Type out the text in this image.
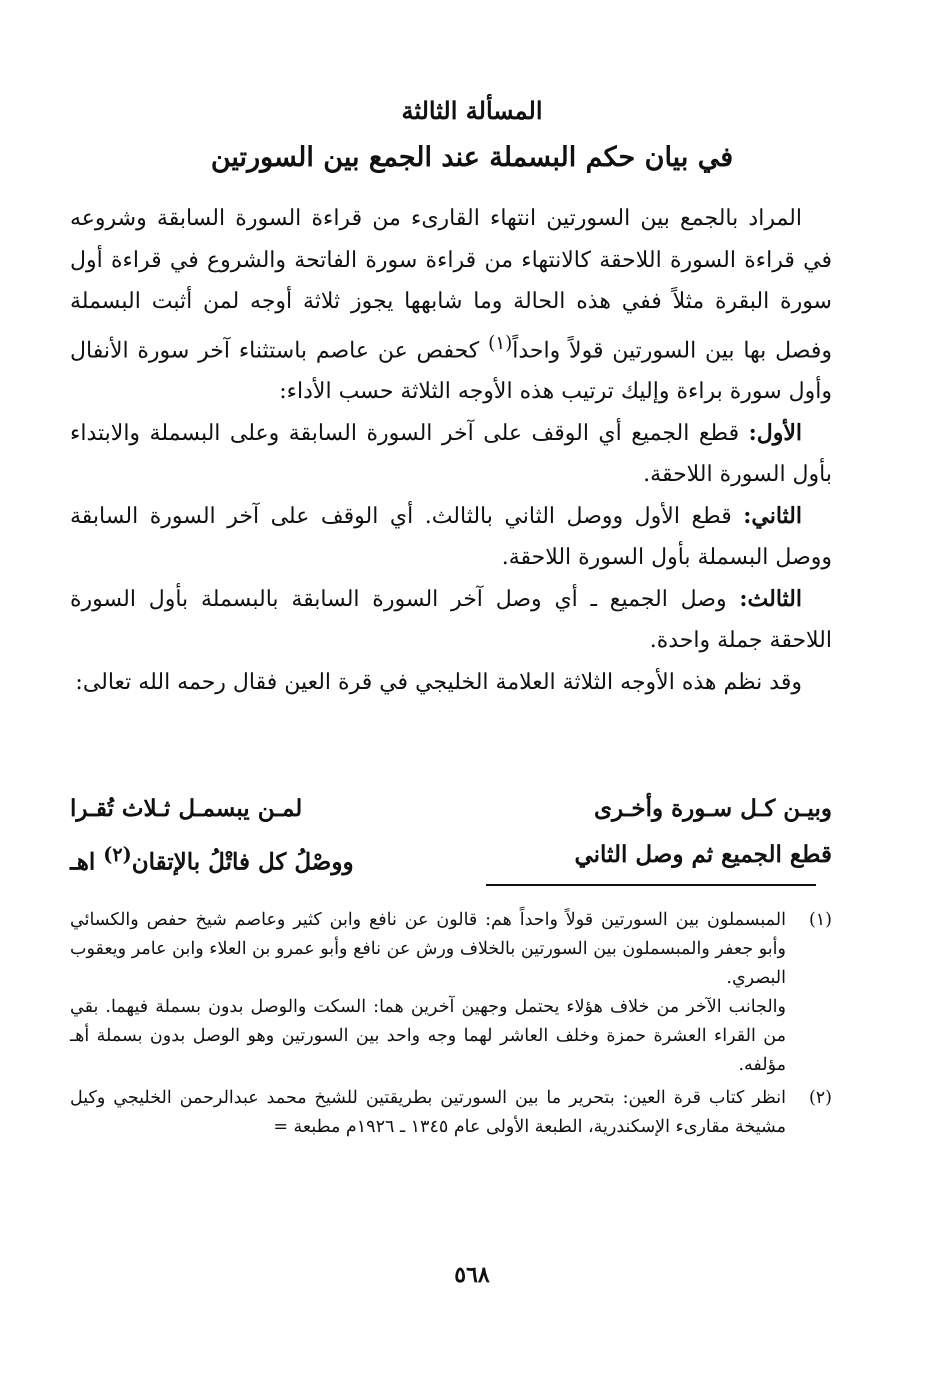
المسألة الثالثة
في بيان حكم البسملة عند الجمع بين السورتين

المراد بالجمع بين السورتين انتهاء القارىء من قراءة السورة السابقة وشروعه في قراءة السورة اللاحقة كالانتهاء من قراءة سورة الفاتحة والشروع في قراءة أول سورة البقرة مثلاً ففي هذه الحالة وما شابهها يجوز ثلاثة أوجه لمن أثبت البسملة وفصل بها بين السورتين قولاً واحداً$^{(١)}$ كحفص عن عاصم باستثناء آخر سورة الأنفال وأول سورة براءة وإليك ترتيب هذه الأوجه الثلاثة حسب الأداء:

الأول: قطع الجميع أي الوقف على آخر السورة السابقة وعلى البسملة والابتداء بأول السورة اللاحقة.

الثاني: قطع الأول ووصل الثاني بالثالث. أي الوقف على آخر السورة السابقة ووصل البسملة بأول السورة اللاحقة.

الثالث: وصل الجميع ـ أي وصل آخر السورة السابقة بالبسملة بأول السورة اللاحقة جملة واحدة.

وقد نظم هذه الأوجه الثلاثة العلامة الخليجي في قرة العين فقال رحمه الله تعالى:

وبيـن كـل سـورة وأخـرى
لمـن يبسمـل ثـلاث تُقـرا
قطع الجميع ثم وصل الثاني
ووصْلُ كل فاتْلُ بالإتقان$^{(٢)}$ اهـ
(١)

المبسملون بين السورتين قولاً واحداً هم: قالون عن نافع وابن كثير وعاصم شيخ حفص والكسائي وأبو جعفر والمبسملون بين السورتين بالخلاف ورش عن نافع وأبو عمرو بن العلاء وابن عامر ويعقوب البصري.

والجانب الآخر من خلاف هؤلاء يحتمل وجهين آخرين هما: السكت والوصل بدون بسملة فيهما. بقي من القراء العشرة حمزة وخلف العاشر لهما وجه واحد بين السورتين وهو الوصل بدون بسملة أهـ مؤلفه.

(٢)

انظر كتاب قرة العين: بتحرير ما بين السورتين بطريقتين للشيخ محمد عبدالرحمن الخليجي وكيل مشيخة مقارىء الإسكندرية، الطبعة الأولى عام ١٣٤٥ ـ ١٩٢٦م مطبعة =

٥٦٨
